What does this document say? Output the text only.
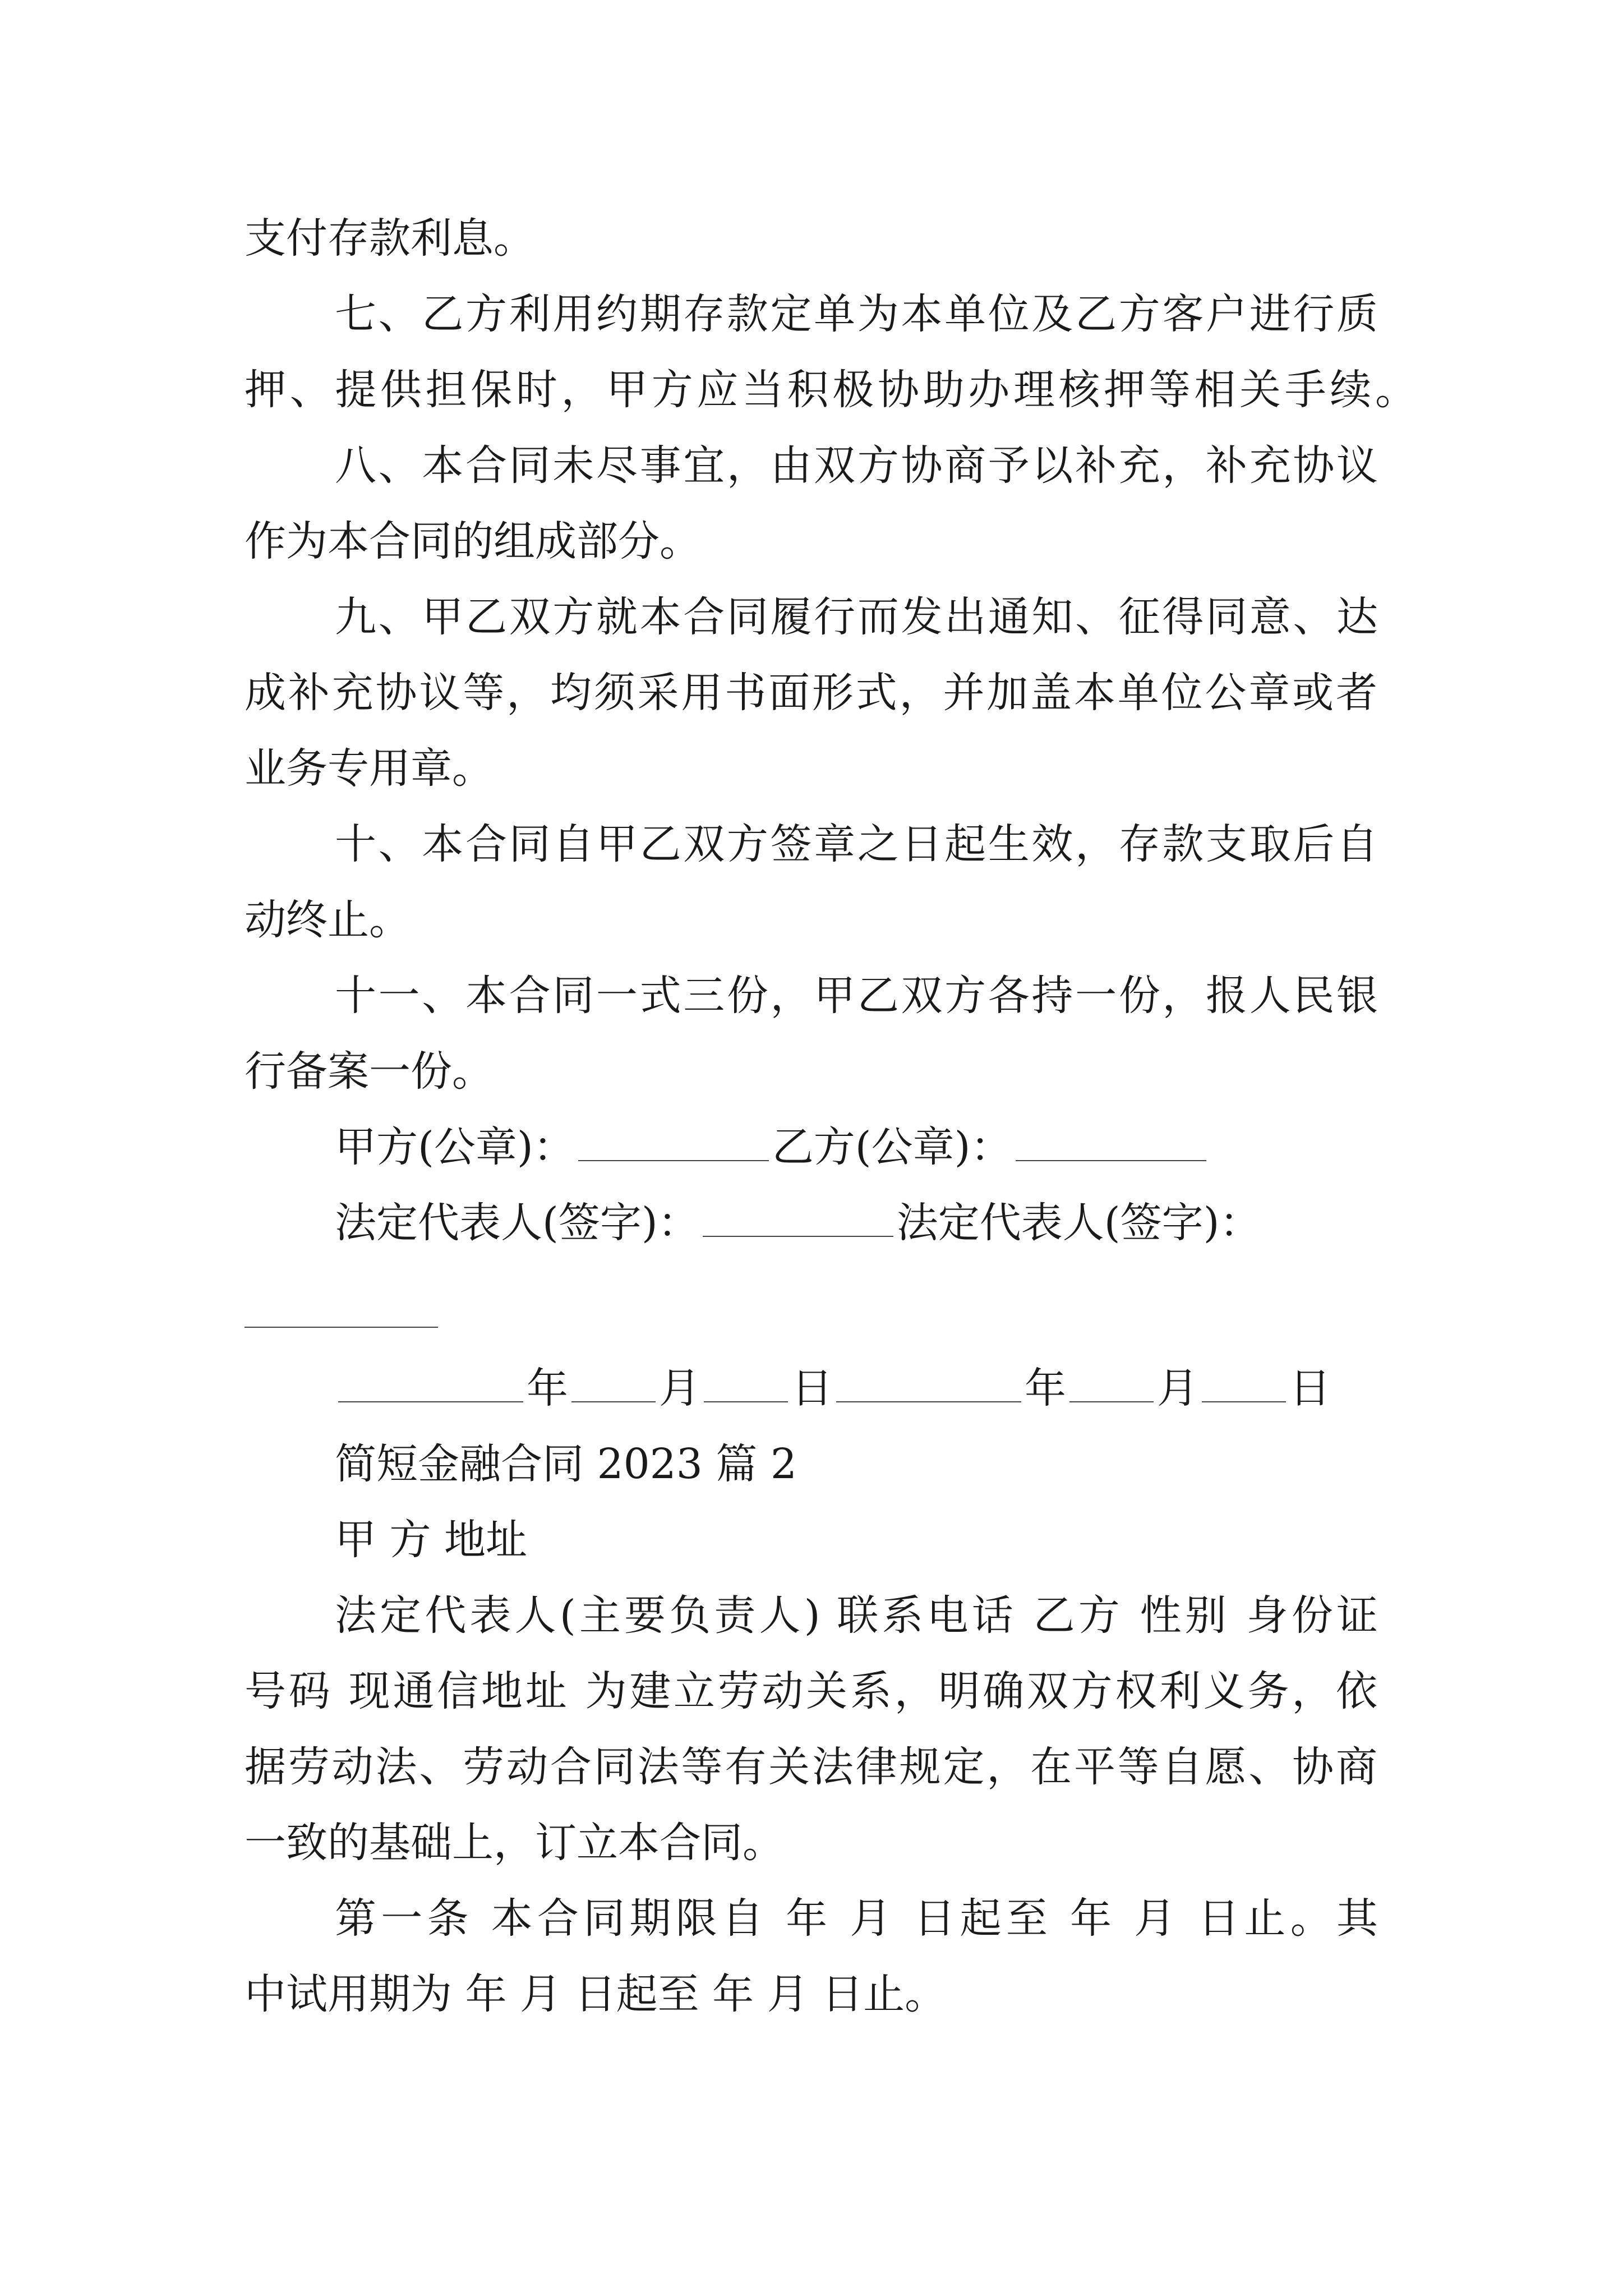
支付存款利息。
七、乙方利用约期存款定单为本单位及乙方客户进行质
押、提供担保时，甲方应当积极协助办理核押等相关手续。
八、本合同未尽事宜，由双方协商予以补充，补充协议
作为本合同的组成部分。
九、甲乙双方就本合同履行而发出通知、征得同意、达
成补充协议等，均须采用书面形式，并加盖本单位公章或者
业务专用章。
十、本合同自甲乙双方签章之日起生效，存款支取后自
动终止。
十一、本合同一式三份，甲乙双方各持一份，报人民银
行备案一份。
甲方(公章)：	乙方(公章)：
法定代表人(签字)：	法定代表人(签字)：
年 月 日	年 月 日
简短金融合同 2023 篇 2
甲 方 地址
法定代表人(主要负责人) 联系电话 乙方 性别 身份证
号码 现通信地址 为建立劳动关系，明确双方权利义务，依
据劳动法、劳动合同法等有关法律规定，在平等自愿、协商
一致的基础上，订立本合同。
第一条 本合同期限自 年 月 日起至 年 月 日止。其
中试用期为 年 月 日起至 年 月 日止。
